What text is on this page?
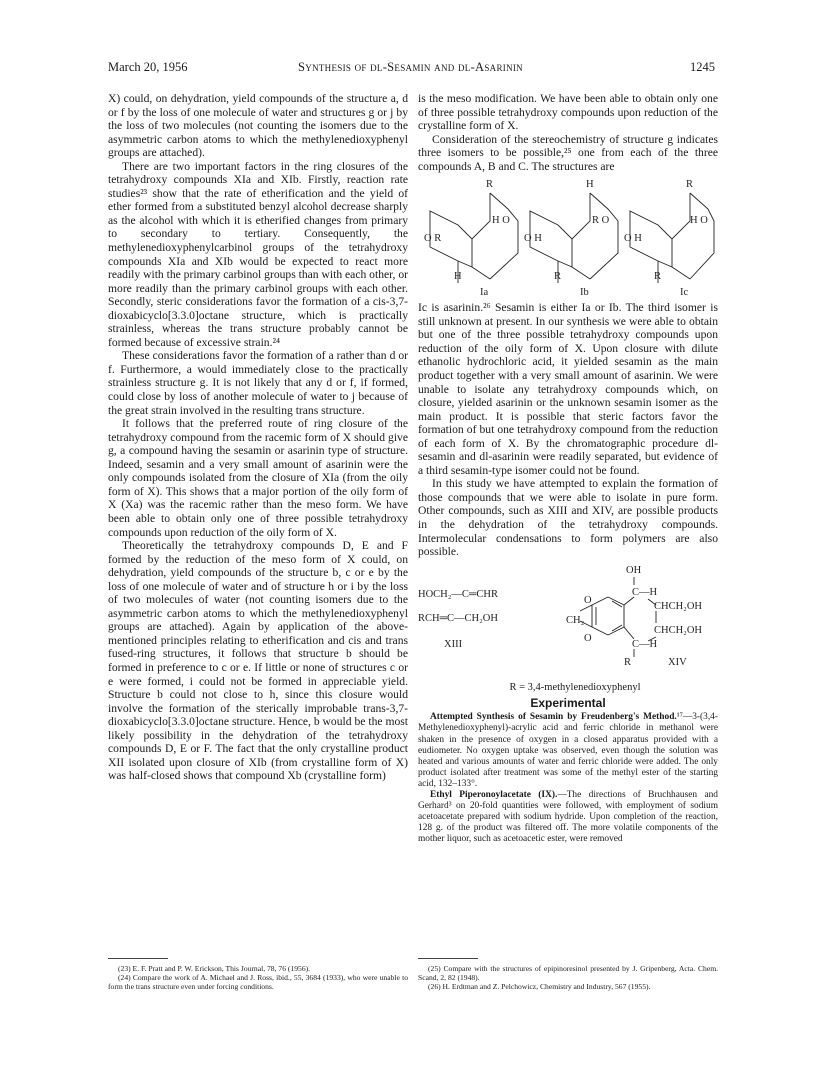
March 20, 1956	Synthesis of dl-Sesamin and dl-Asarinin	1245

X) could, on dehydration, yield compounds of the structure a, d or f by the loss of one molecule of water and structures g or j by the loss of two molecules (not counting the isomers due to the asymmetric carbon atoms to which the methylenedioxyphenyl groups are attached).

There are two important factors in the ring closures of the tetrahydroxy compounds XIa and XIb. Firstly, reaction rate studies²³ show that the rate of etherification and the yield of ether formed from a substituted benzyl alcohol decrease sharply as the alcohol with which it is etherified changes from primary to secondary to tertiary. Consequently, the methylenedioxyphenylcarbinol groups of the tetrahydroxy compounds XIa and XIb would be expected to react more readily with the primary carbinol groups than with each other, or more readily than the primary carbinol groups with each other. Secondly, steric considerations favor the formation of a cis-3,7-dioxabicyclo[3.3.0]octane structure, which is practically strainless, whereas the trans structure probably cannot be formed because of excessive strain.²⁴

These considerations favor the formation of a rather than d or f. Furthermore, a would immediately close to the practically strainless structure g. It is not likely that any d or f, if formed, could close by loss of another molecule of water to j because of the great strain involved in the resulting trans structure.

It follows that the preferred route of ring closure of the tetrahydroxy compound from the racemic form of X should give g, a compound having the sesamin or asarinin type of structure. Indeed, sesamin and a very small amount of asarinin were the only compounds isolated from the closure of XIa (from the oily form of X). This shows that a major portion of the oily form of X (Xa) was the racemic rather than the meso form. We have been able to obtain only one of three possible tetrahydroxy compounds upon reduction of the oily form of X.

Theoretically the tetrahydroxy compounds D, E and F formed by the reduction of the meso form of X could, on dehydration, yield compounds of the structure b, c or e by the loss of one molecule of water and of structure h or i by the loss of two molecules of water (not counting isomers due to the asymmetric carbon atoms to which the methylenedioxyphenyl groups are attached). Again by application of the above-mentioned principles relating to etherification and cis and trans fused-ring structures, it follows that structure b should be formed in preference to c or e. If little or none of structures c or e were formed, i could not be formed in appreciable yield. Structure b could not close to h, since this closure would involve the formation of the sterically improbable trans-3,7-dioxabicyclo[3.3.0]octane structure. Hence, b would be the most likely possibility in the dehydration of the tetrahydroxy compounds D, E or F. The fact that the only crystalline product XII isolated upon closure of XIb (from crystalline form of X) was half-closed shows that compound Xb (crystalline form)

is the meso modification. We have been able to obtain only one of three possible tetrahydroxy compounds upon reduction of the crystalline form of X.

Consideration of the stereochemistry of structure g indicates three isomers to be possible,²⁵ one from each of the three compounds A, B and C. The structures are

R
H O
O R
H
Ia
H
R O
O H
R
Ib
R
H O
O H
R
Ic

Ic is asarinin.²⁶ Sesamin is either Ia or Ib. The third isomer is still unknown at present. In our synthesis we were able to obtain but one of the three possible tetrahydroxy compounds upon reduction of the oily form of X. Upon closure with dilute ethanolic hydrochloric acid, it yielded sesamin as the main product together with a very small amount of asarinin. We were unable to isolate any tetrahydroxy compounds which, on closure, yielded asarinin or the unknown sesamin isomer as the main product. It is possible that steric factors favor the formation of but one tetrahydroxy compound from the reduction of each form of X. By the chromatographic procedure dl-sesamin and dl-asarinin were readily separated, but evidence of a third sesamin-type isomer could not be found.

In this study we have attempted to explain the formation of those compounds that we were able to isolate in pure form. Other compounds, such as XIII and XIV, are possible products in the dehydration of the tetrahydroxy compounds. Intermolecular condensations to form polymers are also possible.

HOCH₂—C═CHR
RCH═C—CH₂OH
XIII
OH
C—H
CHCH₂OH
CHCH₂OH
C—H
CH₂
O
O
R	XIV

R = 3,4-methylenedioxyphenyl

Experimental

Attempted Synthesis of Sesamin by Freudenberg's Method.¹⁷—3-(3,4-Methylenedioxyphenyl)-acrylic acid and ferric chloride in methanol were shaken in the presence of oxygen in a closed apparatus provided with a eudiometer. No oxygen uptake was observed, even though the solution was heated and various amounts of water and ferric chloride were added. The only product isolated after treatment was some of the methyl ester of the starting acid, 132–133°.

Ethyl Piperonoylacetate (IX).—The directions of Bruchhausen and Gerhard³ on 20-fold quantities were followed, with employment of sodium acetoacetate prepared with sodium hydride. Upon completion of the reaction, 128 g. of the product was filtered off. The more volatile components of the mother liquor, such as acetoacetic ester, were removed

(23) E. F. Pratt and P. W. Erickson, This Journal, 78, 76 (1956).

(24) Compare the work of A. Michael and J. Ross, ibid., 55, 3684 (1933), who were unable to form the trans structure even under forcing conditions.

(25) Compare with the structures of epipinoresinol presented by J. Gripenberg, Acta. Chem. Scand, 2, 82 (1948).

(26) H. Erdtman and Z. Pelchowicz, Chemistry and Industry, 567 (1955).
